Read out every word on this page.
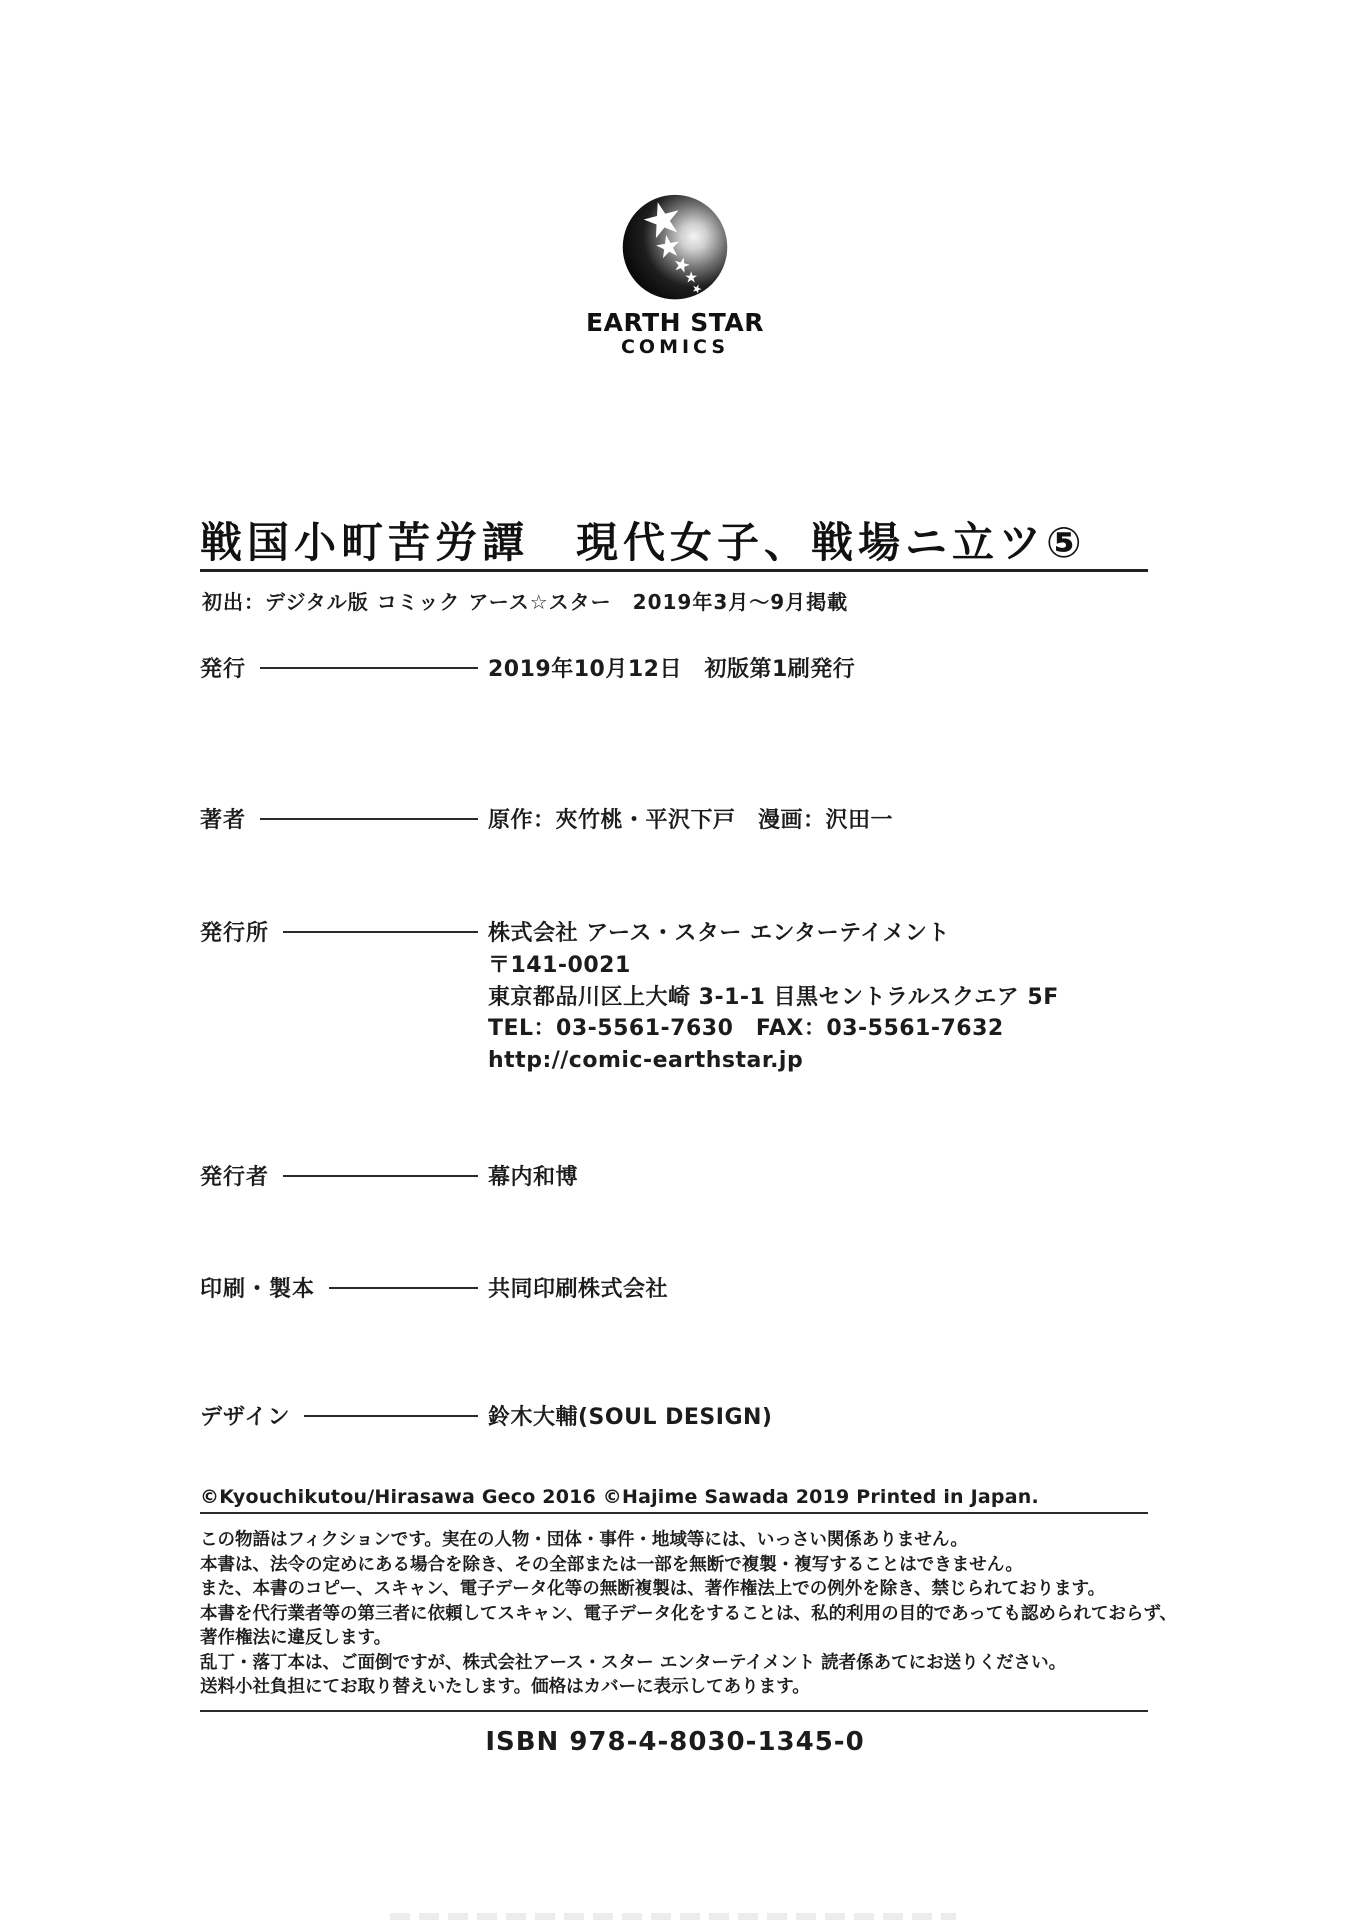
EARTH STAR
COMICS
戦国小町苦労譚　現代女子、戦場ニ立ツ⑤
初出：デジタル版 コミック アース☆スター　2019年3月～9月掲載
発行	2019年10月12日　初版第1刷発行
著者	原作：夾竹桃・平沢下戸　漫画：沢田一
発行所	株式会社 アース・スター エンターテイメント
〒141-0021
東京都品川区上大崎 3-1-1 目黒セントラルスクエア 5F
TEL：03-5561-7630　FAX：03-5561-7632
http://comic-earthstar.jp
発行者	幕内和博
印刷・製本	共同印刷株式会社
デザイン	鈴木大輔(SOUL DESIGN)
©Kyouchikutou/Hirasawa Geco 2016 ©Hajime Sawada 2019 Printed in Japan.
この物語はフィクションです。実在の人物・団体・事件・地域等には、いっさい関係ありません。
本書は、法令の定めにある場合を除き、その全部または一部を無断で複製・複写することはできません。
また、本書のコピー、スキャン、電子データ化等の無断複製は、著作権法上での例外を除き、禁じられております。
本書を代行業者等の第三者に依頼してスキャン、電子データ化をすることは、私的利用の目的であっても認められておらず、
著作権法に違反します。
乱丁・落丁本は、ご面倒ですが、株式会社アース・スター エンターテイメント 読者係あてにお送りください。
送料小社負担にてお取り替えいたします。価格はカバーに表示してあります。
ISBN 978-4-8030-1345-0
